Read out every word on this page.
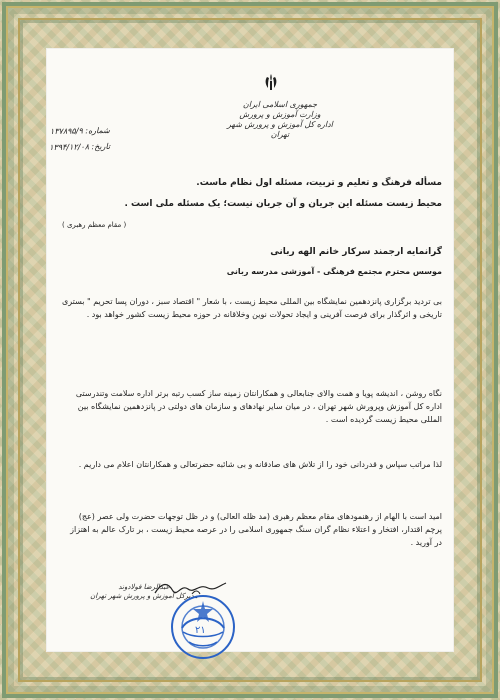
جمهوری اسلامی ایران
وزارت آموزش و پرورش
اداره کل آموزش و پرورش شهر تهران
شماره: ۱۳۷۸۹۵/۹
تاریخ: ۱۳۹۴/۱۲/۰۸
مسأله فرهنگ و تعلیم و تربیت، مسئله اول نظام ماست.
محیط زیست مسئله این جریان و آن جریان نیست؛ یک مسئله ملی است .
( مقام معظم رهبری )
گرانمایه ارجمند سرکار خانم الهه ربانی
موسس محترم مجتمع فرهنگی - آموزشی مدرسه ربانی
بی تردید برگزاری پانزدهمین نمایشگاه بین المللی محیط زیست ، با شعار " اقتصاد سبز ، دوران پسا تحریم " بستری تاریخی و اثرگذار برای فرصت آفرینی و ایجاد تحولات نوین وخلاقانه در حوزه محیط زیست کشور خواهد بود .
نگاه روشن ، اندیشه پویا و همت والای جنابعالی و همکارانتان زمینه ساز کسب رتبه برتر اداره سلامت وتندرستی اداره کل آموزش وپرورش شهر تهران ، در میان سایر نهادهای و سازمان های دولتی در پانزدهمین نمایشگاه بین المللی محیط زیست گردیده است .
لذا مراتب سپاس و قدردانی خود را از تلاش های صادقانه و بی شائبه حضرتعالی و همکارانتان اعلام می داریم .
امید است با الهام از رهنمودهای مقام معظم رهبری (مد ظله العالی) و در ظل توجهات حضرت ولی عصر (عج) پرچم اقتدار، افتخار و اعتلاء نظام گران سنگ جمهوری اسلامی را در عرصه محیط زیست ، بر تارک عالم به اهتزاز در آورید .
عبدالرضا فولادوند
مدیرکل آموزش و پرورش شهر تهران
۲۱
